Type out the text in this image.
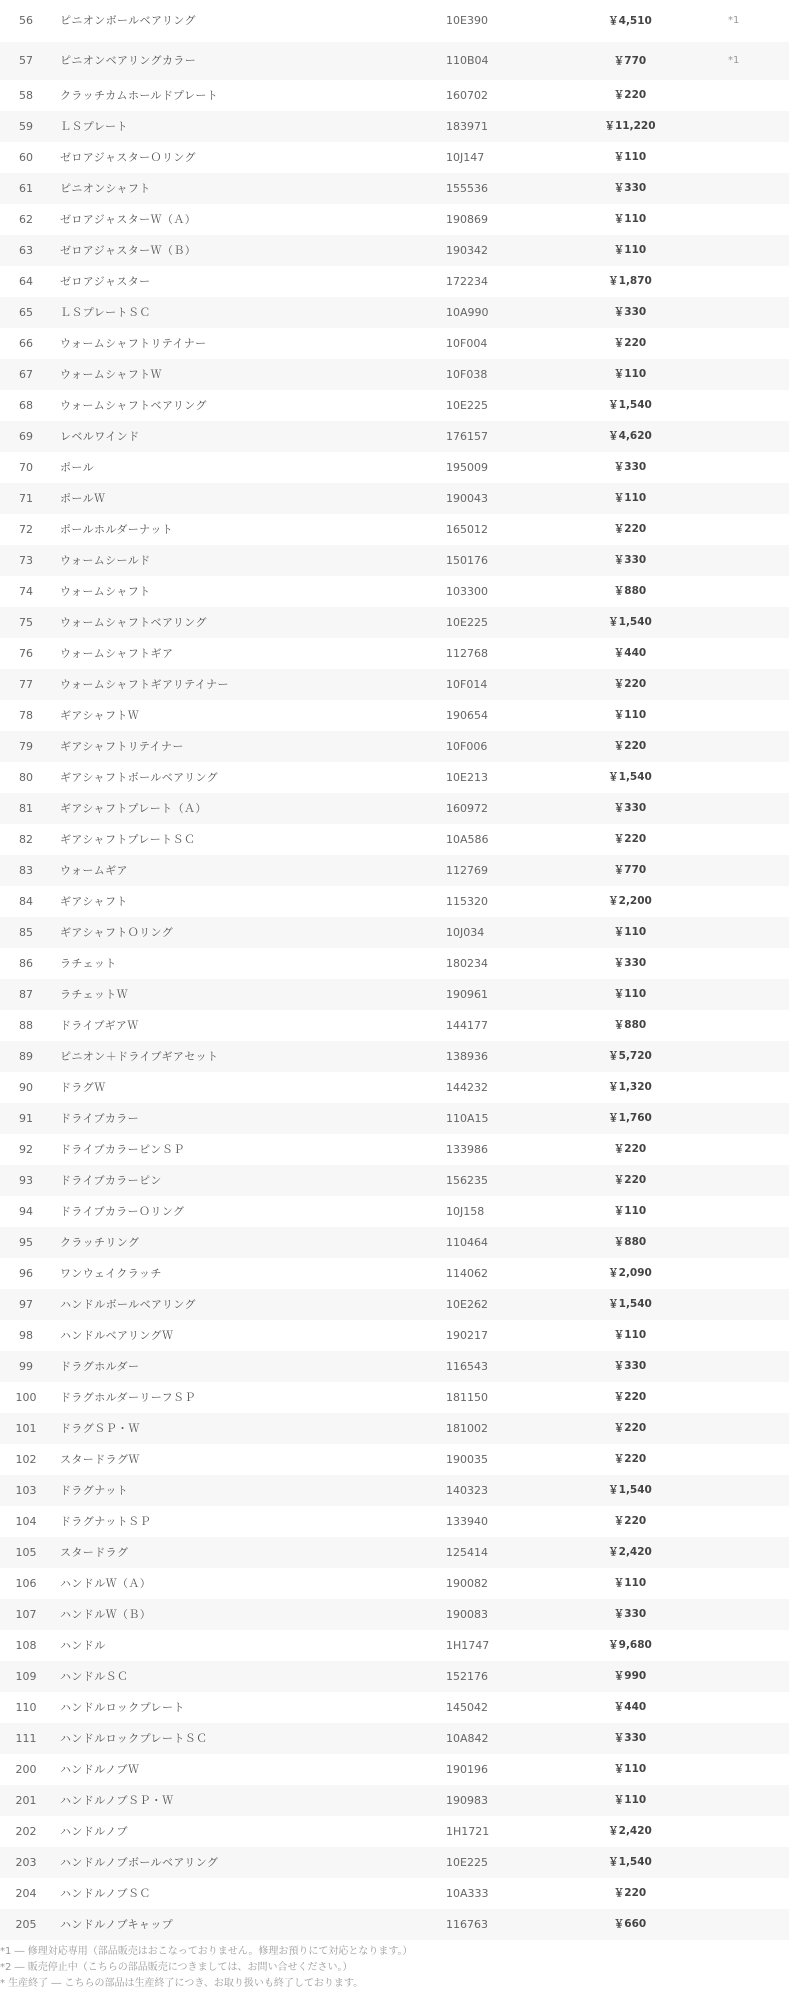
56	ピニオンボールベアリング	10E390	￥4,510	*1
57	ピニオンベアリングカラー	110B04	￥770	*1
58	クラッチカムホールドプレート	160702	￥220
59	ＬＳプレート	183971	￥11,220
60	ゼロアジャスターＯリング	10J147	￥110
61	ピニオンシャフト	155536	￥330
62	ゼロアジャスターＷ（Ａ）	190869	￥110
63	ゼロアジャスターＷ（Ｂ）	190342	￥110
64	ゼロアジャスター	172234	￥1,870
65	ＬＳプレートＳＣ	10A990	￥330
66	ウォームシャフトリテイナー	10F004	￥220
67	ウォームシャフトＷ	10F038	￥110
68	ウォームシャフトベアリング	10E225	￥1,540
69	レベルワインド	176157	￥4,620
70	ポール	195009	￥330
71	ポールＷ	190043	￥110
72	ポールホルダーナット	165012	￥220
73	ウォームシールド	150176	￥330
74	ウォームシャフト	103300	￥880
75	ウォームシャフトベアリング	10E225	￥1,540
76	ウォームシャフトギア	112768	￥440
77	ウォームシャフトギアリテイナー	10F014	￥220
78	ギアシャフトＷ	190654	￥110
79	ギアシャフトリテイナー	10F006	￥220
80	ギアシャフトボールベアリング	10E213	￥1,540
81	ギアシャフトプレート（Ａ）	160972	￥330
82	ギアシャフトプレートＳＣ	10A586	￥220
83	ウォームギア	112769	￥770
84	ギアシャフト	115320	￥2,200
85	ギアシャフトＯリング	10J034	￥110
86	ラチェット	180234	￥330
87	ラチェットＷ	190961	￥110
88	ドライブギアＷ	144177	￥880
89	ピニオン＋ドライブギアセット	138936	￥5,720
90	ドラグＷ	144232	￥1,320
91	ドライブカラー	110A15	￥1,760
92	ドライブカラーピンＳＰ	133986	￥220
93	ドライブカラーピン	156235	￥220
94	ドライブカラーＯリング	10J158	￥110
95	クラッチリング	110464	￥880
96	ワンウェイクラッチ	114062	￥2,090
97	ハンドルボールベアリング	10E262	￥1,540
98	ハンドルベアリングＷ	190217	￥110
99	ドラグホルダー	116543	￥330
100	ドラグホルダーリーフＳＰ	181150	￥220
101	ドラグＳＰ・Ｗ	181002	￥220
102	スタードラグＷ	190035	￥220
103	ドラグナット	140323	￥1,540
104	ドラグナットＳＰ	133940	￥220
105	スタードラグ	125414	￥2,420
106	ハンドルＷ（Ａ）	190082	￥110
107	ハンドルＷ（Ｂ）	190083	￥330
108	ハンドル	1H1747	￥9,680
109	ハンドルＳＣ	152176	￥990
110	ハンドルロックプレート	145042	￥440
111	ハンドルロックプレートＳＣ	10A842	￥330
200	ハンドルノブＷ	190196	￥110
201	ハンドルノブＳＰ・Ｗ	190983	￥110
202	ハンドルノブ	1H1721	￥2,420
203	ハンドルノブボールベアリング	10E225	￥1,540
204	ハンドルノブＳＣ	10A333	￥220
205	ハンドルノブキャップ	116763	￥660
*1 ― 修理対応専用（部品販売はおこなっておりません。修理お預りにて対応となります。）
*2 ― 販売停止中（こちらの部品販売につきましては、お問い合せください。）
* 生産終了 ― こちらの部品は生産終了につき、お取り扱いも終了しております。
